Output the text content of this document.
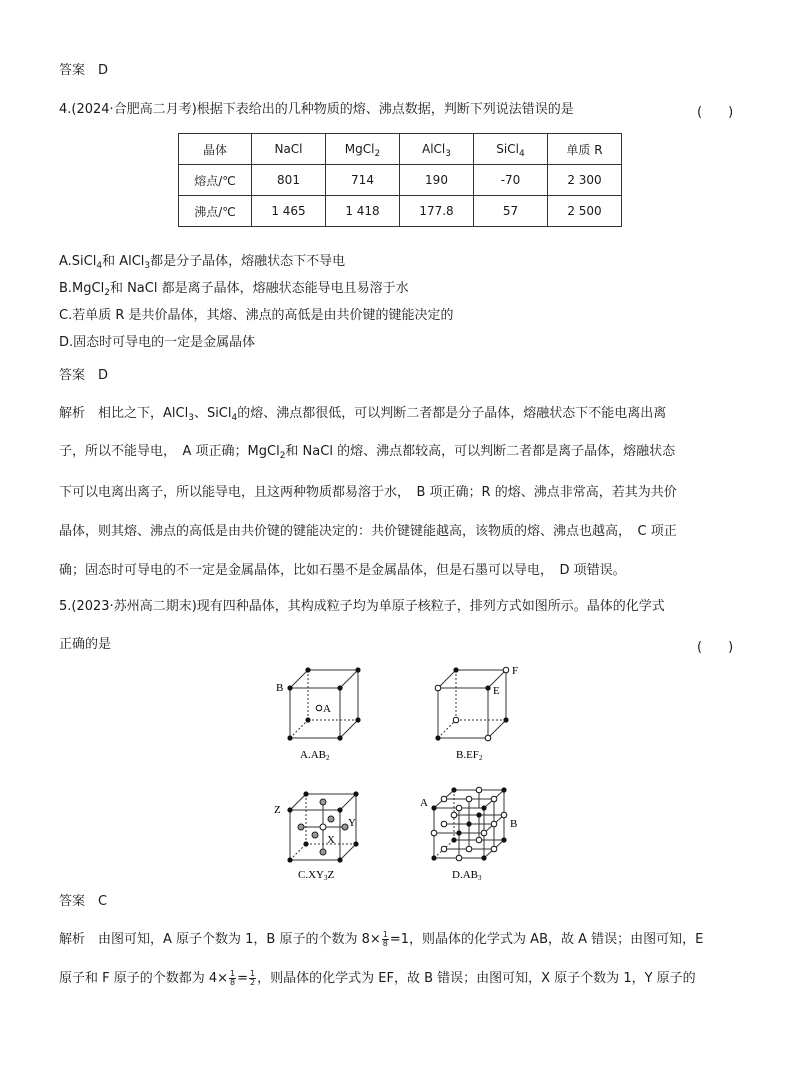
答案　D
4.(2024·合肥高二月考)根据下表给出的几种物质的熔、沸点数据，判断下列说法错误的是	(　　)
晶体	NaCl	MgCl$_2$	AlCl$_3$	SiCl$_4$	单质 R
熔点/℃	801	714	190	-70	2 300
沸点/℃	1 465	1 418	177.8	57	2 500
A.SiCl$_4$和 AlCl$_3$都是分子晶体，熔融状态下不导电
B.MgCl$_2$和 NaCl 都是离子晶体，熔融状态能导电且易溶于水
C.若单质 R 是共价晶体，其熔、沸点的高低是由共价键的键能决定的
D.固态时可导电的一定是金属晶体
答案　D
解析　相比之下，AlCl$_3$、SiCl$_4$的熔、沸点都很低，可以判断二者都是分子晶体，熔融状态下不能电离出离
子，所以不能导电，　A 项正确；MgCl$_2$和 NaCl 的熔、沸点都较高，可以判断二者都是离子晶体，熔融状态
下可以电离出离子，所以能导电，且这两种物质都易溶于水，　B 项正确；R 的熔、沸点非常高，若其为共价
晶体，则其熔、沸点的高低是由共价键的键能决定的：共价键键能越高，该物质的熔、沸点也越高，　C 项正
确；固态时可导电的不一定是金属晶体，比如石墨不是金属晶体，但是石墨可以导电，　D 项错误。
5.(2023·苏州高二期末)现有四种晶体，其构成粒子均为单原子核粒子，排列方式如图所示。晶体的化学式
正确的是	(　　)
B
A
A.AB2
F
E
B.EF2
Z
Y
X
C.XY3Z
A
B
D.AB3
答案　C
解析　由图可知，A 原子个数为 1，B 原子的个数为 $8\times \frac{1}{8} =1$，则晶体的化学式为 AB，故 A 错误；由图可知，E
原子和 F 原子的个数都为 $4\times \frac{1}{8} = \frac{1}{2}$ ，则晶体的化学式为 EF，故 B 错误；由图可知，X 原子个数为 1，Y 原子的
